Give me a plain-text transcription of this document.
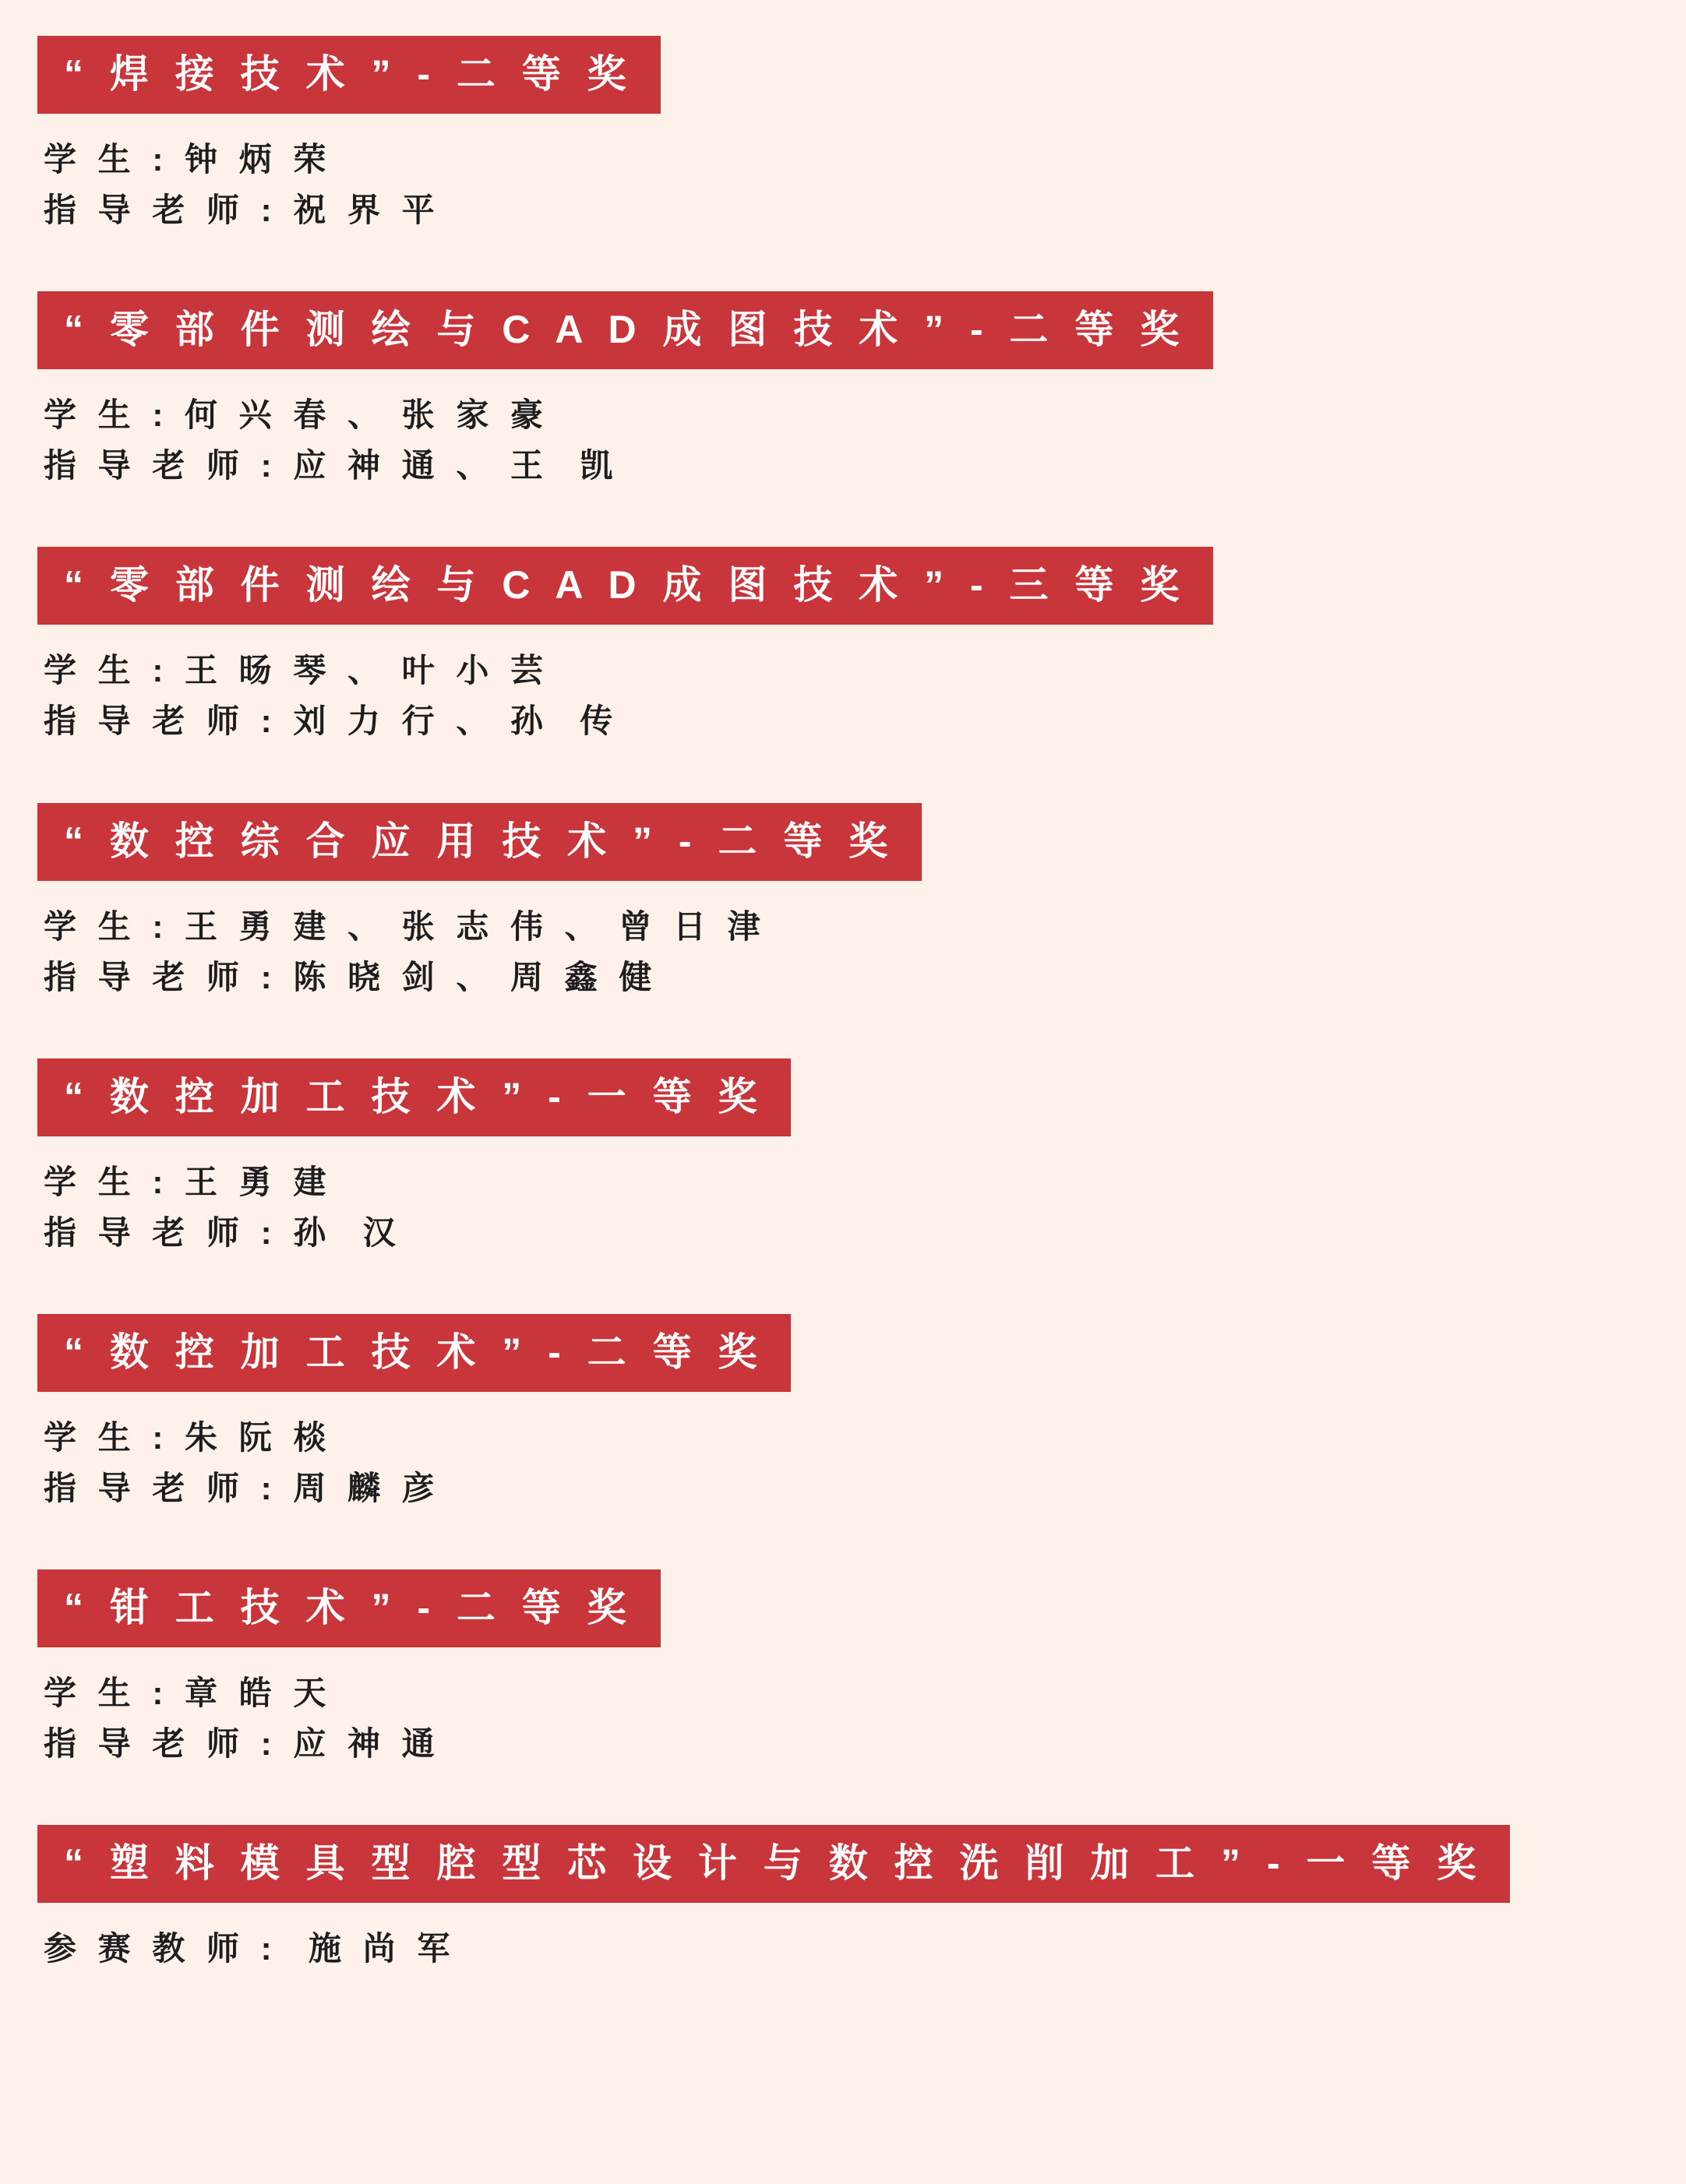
“ 焊 接 技 术 ” - 二 等 奖
学 生 : 钟 炳 荣
指 导 老 师 : 祝 界 平
“ 零 部 件 测 绘 与 C A D 成 图 技 术 ” - 二 等 奖
学 生 : 何 兴 春 、 张 家 豪
指 导 老 师 : 应 神 通 、 王  凯
“ 零 部 件 测 绘 与 C A D 成 图 技 术 ” - 三 等 奖
学 生 : 王 旸 琴 、 叶 小 芸
指 导 老 师 : 刘 力 行 、 孙  传
“ 数 控 综 合 应 用 技 术 ” - 二 等 奖
学 生 : 王 勇 建 、 张 志 伟 、 曾 日 津
指 导 老 师 : 陈 晓 剑 、 周 鑫 健
“ 数 控 加 工 技 术 ” - 一 等 奖
学 生 : 王 勇 建
指 导 老 师 : 孙  汉
“ 数 控 加 工 技 术 ” - 二 等 奖
学 生 : 朱 阮 棪
指 导 老 师 : 周 麟 彦
“ 钳 工 技 术 ” - 二 等 奖
学 生 : 章 皓 天
指 导 老 师 : 应 神 通
“ 塑 料 模 具 型 腔 型 芯 设 计 与 数 控 洗 削 加 工 ” - 一 等 奖
参 赛 教 师 :  施 尚 军
